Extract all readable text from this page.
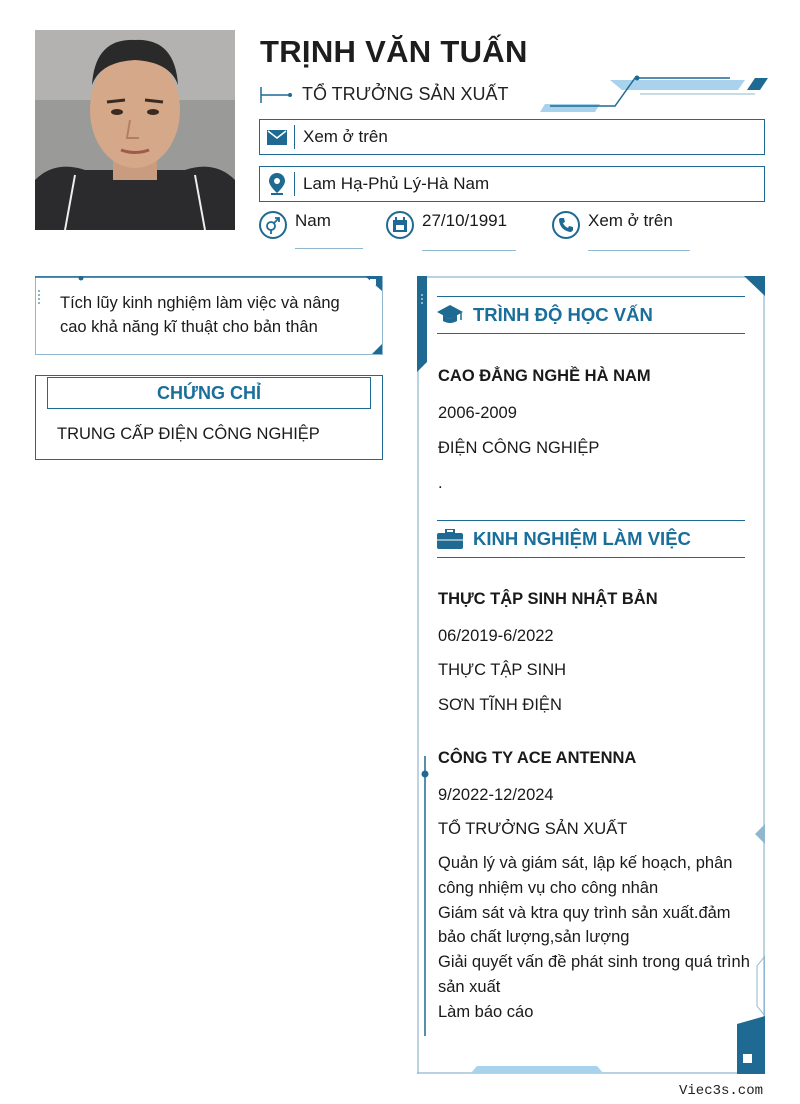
TRỊNH VĂN TUẤN
TỔ TRƯỞNG SẢN XUẤT
Xem ở trên
Lam Hạ-Phủ Lý-Hà Nam
Nam	27/10/1991	Xem ở trên
Tích lũy kinh nghiệm làm việc và nâng cao khả năng kĩ thuật cho bản thân
CHỨNG CHỈ
TRUNG CẤP ĐIỆN CÔNG NGHIỆP
TRÌNH ĐỘ HỌC VẤN
CAO ĐẲNG NGHỀ HÀ NAM
2006-2009
ĐIỆN CÔNG NGHIỆP
.
KINH NGHIỆM LÀM VIỆC
THỰC TẬP SINH NHẬT BẢN
06/2019-6/2022
THỰC TẬP SINH
SƠN TĨNH ĐIỆN
CÔNG TY ACE ANTENNA
9/2022-12/2024
TỔ TRƯỞNG SẢN XUẤT
Quản lý và giám sát, lập kế hoạch, phân công nhiệm vụ cho công nhân
Giám sát và ktra quy trình sản xuất.đảm bảo chất lượng,sản lượng
Giải quyết vấn đề phát sinh trong quá trình sản xuất
Làm báo cáo
Viec3s.com
